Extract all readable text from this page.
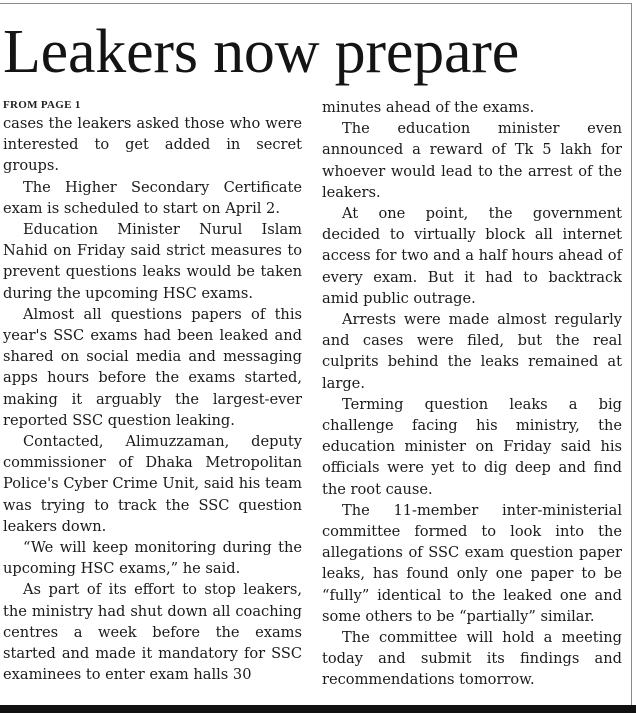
Leakers now prepare
FROM PAGE 1

cases the leakers asked those who were interested to get added in secret groups.

The Higher Secondary Certificate exam is scheduled to start on April 2.

Education Minister Nurul Islam Nahid on Friday said strict measures to prevent questions leaks would be taken during the upcoming HSC exams.

Almost all questions papers of this year's SSC exams had been leaked and shared on social media and messaging apps hours before the exams started, making it arguably the largest-ever reported SSC question leaking.

Contacted, Alimuzzaman, deputy commissioner of Dhaka Metropolitan Police's Cyber Crime Unit, said his team was trying to track the SSC question leakers down.

“We will keep monitoring during the upcoming HSC exams,” he said.

As part of its effort to stop leakers, the ministry had shut down all coaching centres a week before the exams started and made it mandatory for SSC examinees to enter exam halls 30

minutes ahead of the exams.

The education minister even announced a reward of Tk 5 lakh for whoever would lead to the arrest of the leakers.

At one point, the government decided to virtually block all internet access for two and a half hours ahead of every exam. But it had to backtrack amid public outrage.

Arrests were made almost regularly and cases were filed, but the real culprits behind the leaks remained at large.

Terming question leaks a big challenge facing his ministry, the education minister on Friday said his officials were yet to dig deep and find the root cause.

The 11-member inter-ministerial committee formed to look into the allegations of SSC exam question paper leaks, has found only one paper to be “fully” identical to the leaked one and some others to be “partially” similar.

The committee will hold a meeting today and submit its findings and recommendations tomorrow.
